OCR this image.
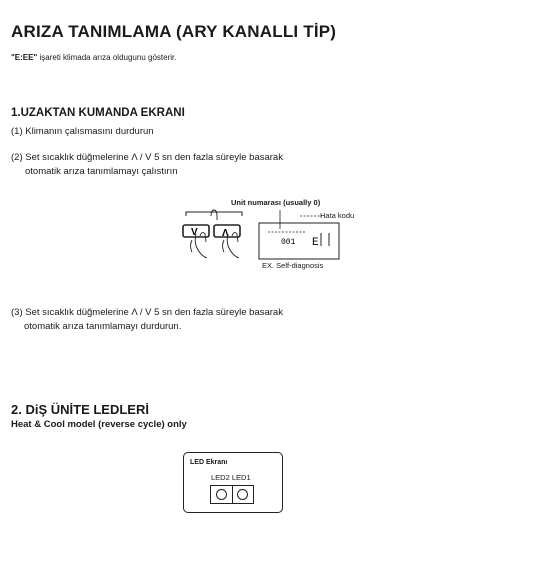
ARIZA TANIMLAMA (ARY KANALLI TİP)
"E:EE" işareti klimada arıza oldugunu gösterir.
1.UZAKTAN KUMANDA EKRANI
(1) Klimanın çalısmasını durdurun
(2) Set sıcaklık düğmelerine Λ / V 5 sn den fazla süreyle basarak
otomatik arıza tanımlamayı çalıstırın
V Λ
001 E
Unit numarası (usually 0)
Hata kodu
EX. Self-diagnosis
(3) Set sıcaklık düğmelerine Λ / V 5 sn den fazla süreyle basarak
otomatik arıza tanımlamayı durdurun.
2. DiŞ ÜNİTE LEDLERİ
Heat & Cool model (reverse cycle) only
LED Ekranı
LED2 LED1
